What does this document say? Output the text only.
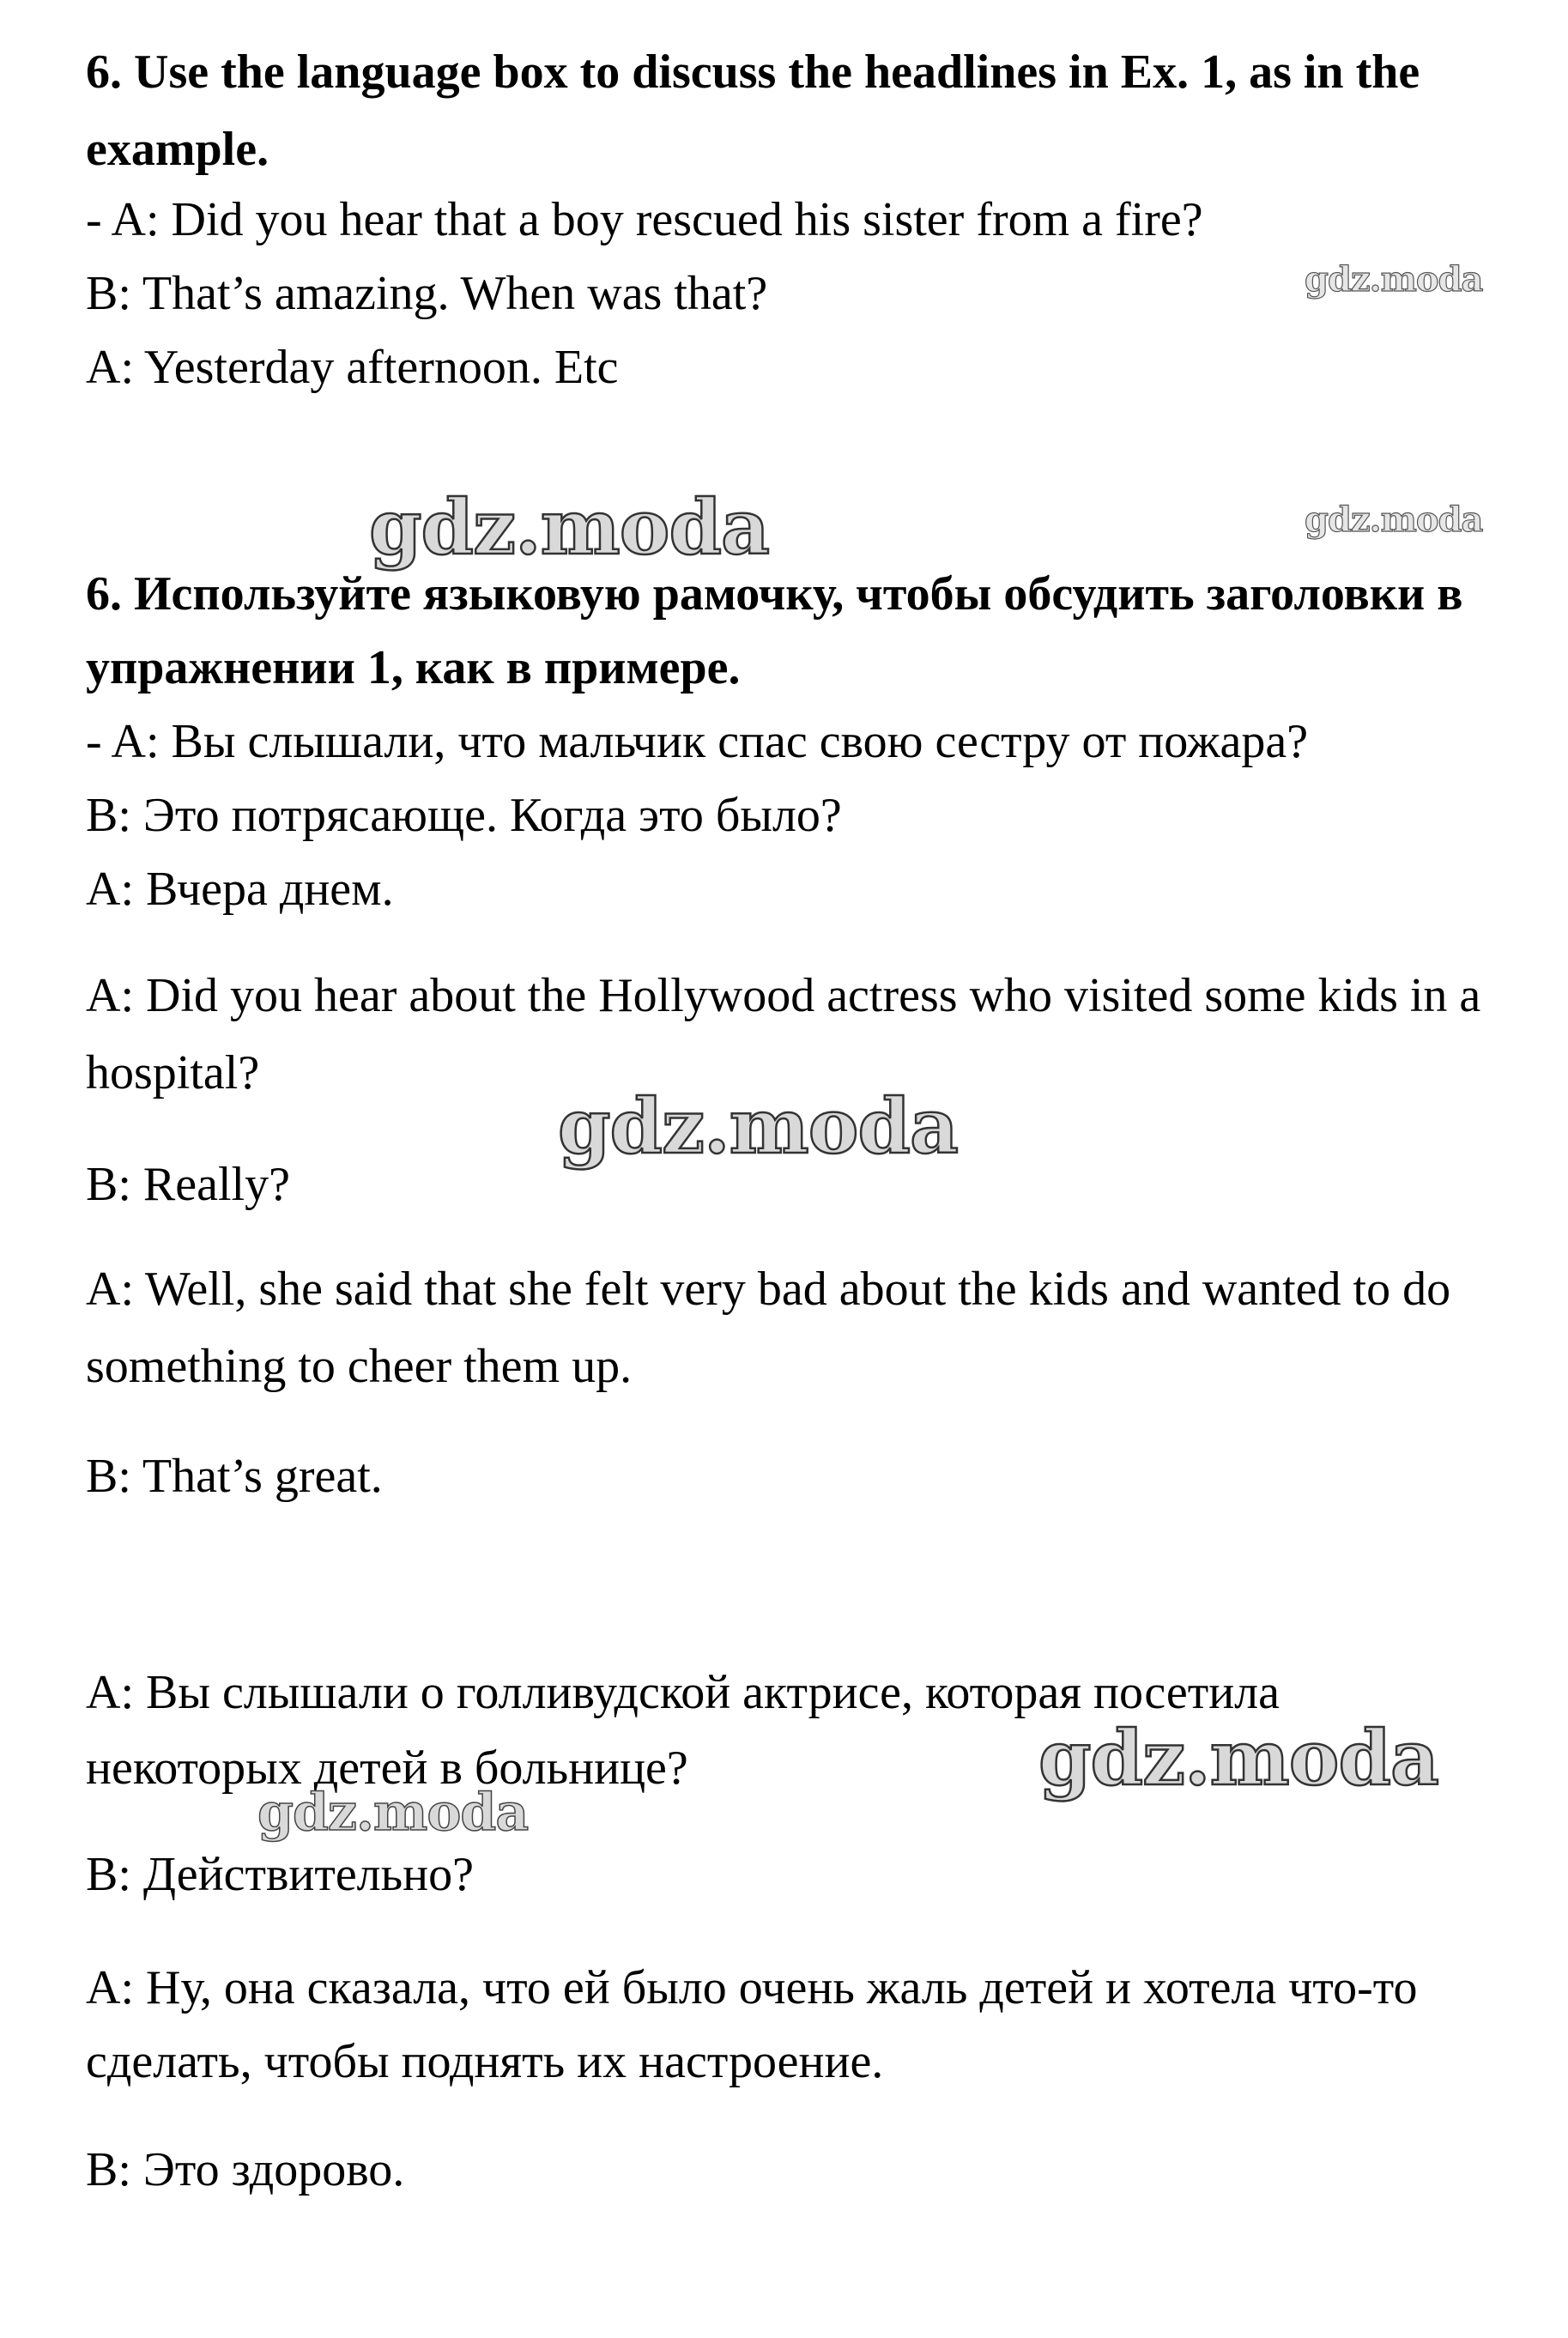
6. Use the language box to discuss the headlines in Ex. 1, as in the
example.
- A: Did you hear that a boy rescued his sister from a fire?
B: That’s amazing. When was that?
A: Yesterday afternoon. Etc
6. Используйте языковую рамочку, чтобы обсудить заголовки в
упражнении 1, как в примере.
- A: Вы слышали, что мальчик спас свою сестру от пожара?
B: Это потрясающе. Когда это было?
A: Вчера днем.
A: Did you hear about the Hollywood actress who visited some kids in a
hospital?
B: Really?
A: Well, she said that she felt very bad about the kids and wanted to do
something to cheer them up.
B: That’s great.
A: Вы слышали о голливудской актрисе, которая посетила
некоторых детей в больнице?
B: Действительно?
A: Ну, она сказала, что ей было очень жаль детей и хотела что-то
сделать, чтобы поднять их настроение.
B: Это здорово.
gdz.moda
gdz.moda
gdz.moda
gdz.moda
gdz.moda
gdz.moda
